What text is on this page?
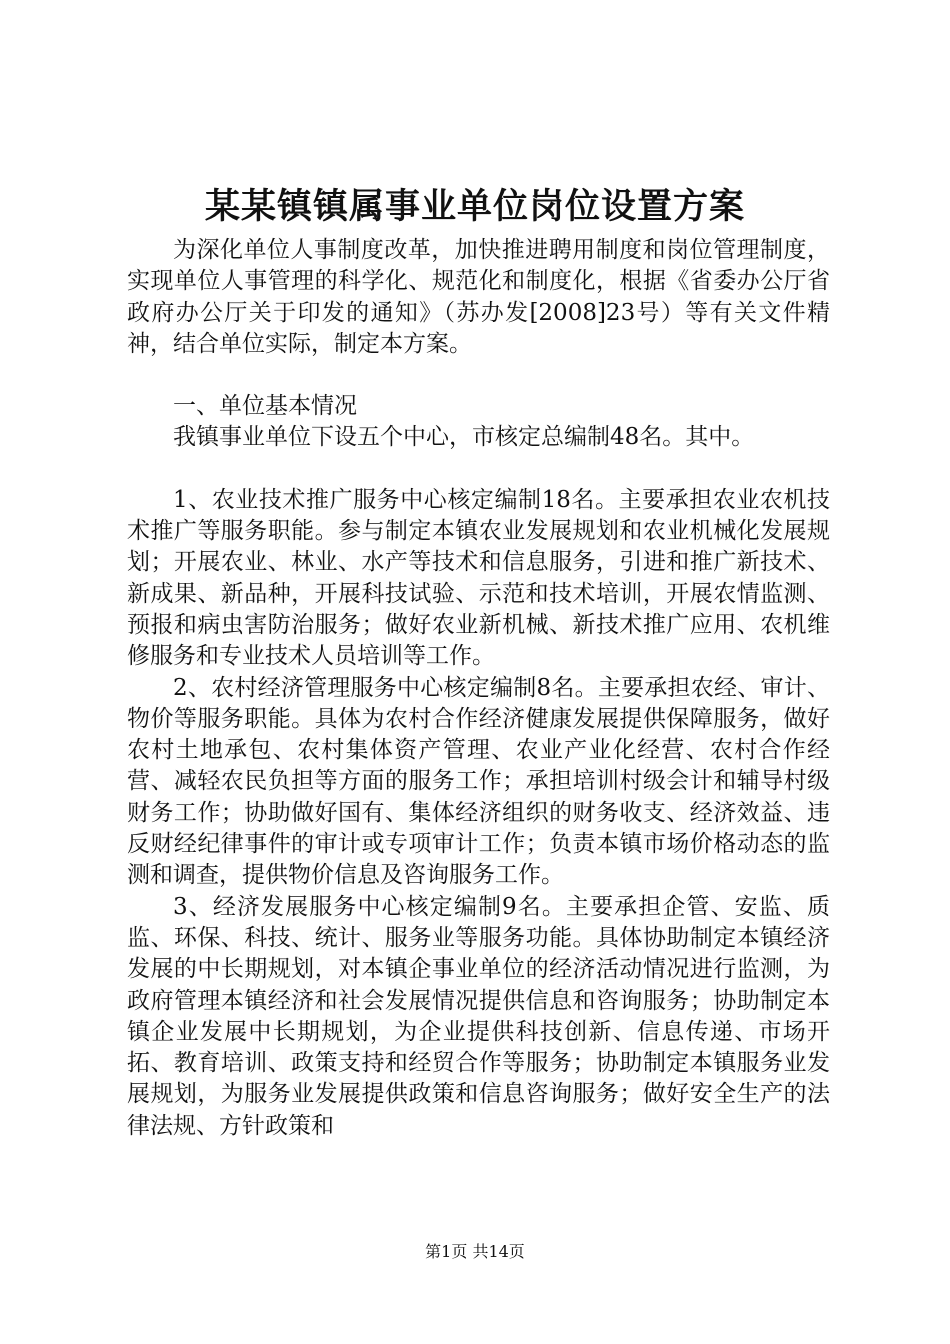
某某镇镇属事业单位岗位设置方案

为深化单位人事制度改革，加快推进聘用制度和岗位管理制度，实现单位人事管理的科学化、规范化和制度化，根据《省委办公厅省政府办公厅关于印发的通知》（苏办发[2008]23号）等有关文件精神，结合单位实际，制定本方案。

一、单位基本情况

我镇事业单位下设五个中心，市核定总编制48名。其中。

1、农业技术推广服务中心核定编制18名。主要承担农业农机技术推广等服务职能。参与制定本镇农业发展规划和农业机械化发展规划；开展农业、林业、水产等技术和信息服务，引进和推广新技术、新成果、新品种，开展科技试验、示范和技术培训，开展农情监测、预报和病虫害防治服务；做好农业新机械、新技术推广应用、农机维修服务和专业技术人员培训等工作。

2、农村经济管理服务中心核定编制8名。主要承担农经、审计、物价等服务职能。具体为农村合作经济健康发展提供保障服务，做好农村土地承包、农村集体资产管理、农业产业化经营、农村合作经营、减轻农民负担等方面的服务工作；承担培训村级会计和辅导村级财务工作；协助做好国有、集体经济组织的财务收支、经济效益、违反财经纪律事件的审计或专项审计工作；负责本镇市场价格动态的监测和调查，提供物价信息及咨询服务工作。

3、经济发展服务中心核定编制9名。主要承担企管、安监、质监、环保、科技、统计、服务业等服务功能。具体协助制定本镇经济发展的中长期规划，对本镇企事业单位的经济活动情况进行监测，为政府管理本镇经济和社会发展情况提供信息和咨询服务；协助制定本镇企业发展中长期规划，为企业提供科技创新、信息传递、市场开拓、教育培训、政策支持和经贸合作等服务；协助制定本镇服务业发展规划，为服务业发展提供政策和信息咨询服务；做好安全生产的法律法规、方针政策和

第1页 共14页
